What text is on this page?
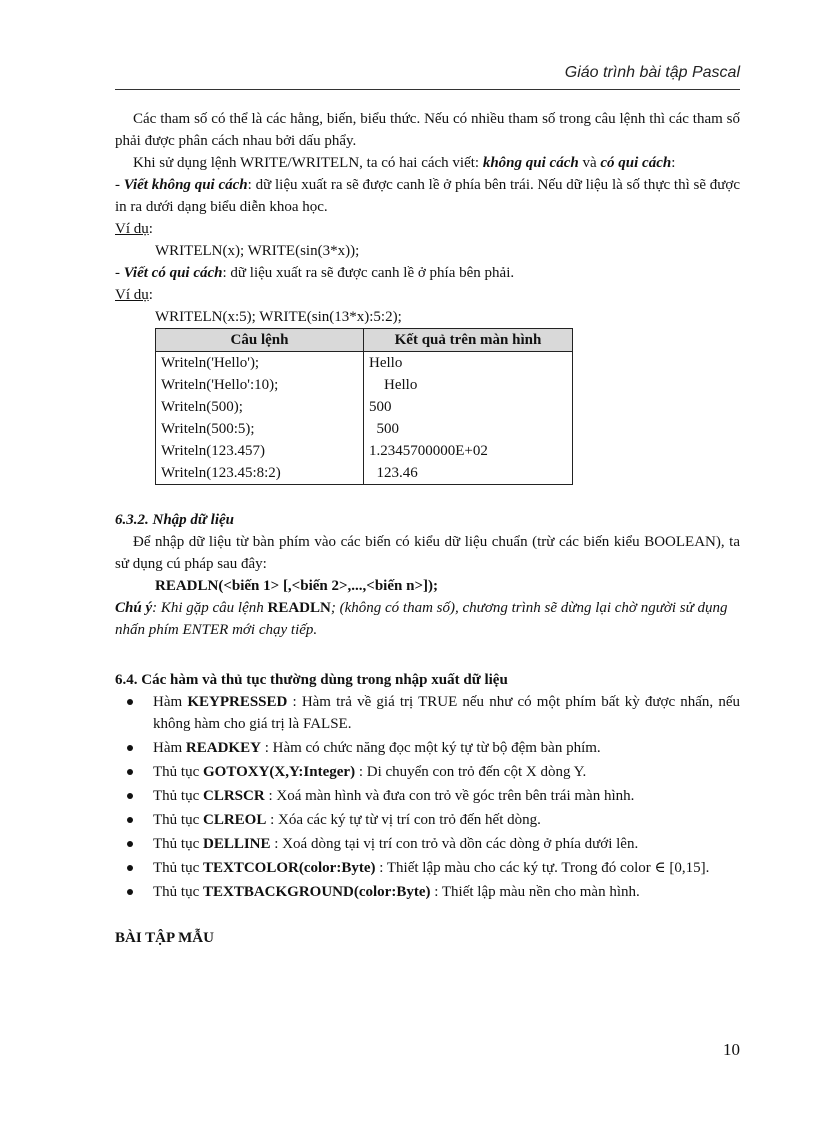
Giáo trình bài tập Pascal

Các tham số có thể là các hằng, biến, biểu thức. Nếu có nhiều tham số trong câu lệnh thì các tham số phải được phân cách nhau bởi dấu phẩy.

Khi sử dụng lệnh WRITE/WRITELN, ta có hai cách viết: không qui cách và có qui cách:

- Viết không qui cách: dữ liệu xuất ra sẽ được canh lề ở phía bên trái. Nếu dữ liệu là số thực thì sẽ được in ra dưới dạng biểu diễn khoa học.

Ví dụ:

WRITELN(x); WRITE(sin(3*x));

- Viết có qui cách: dữ liệu xuất ra sẽ được canh lề ở phía bên phải.

Ví dụ:

WRITELN(x:5); WRITE(sin(13*x):5:2);

Câu lệnh	Kết quả trên màn hình
Writeln('Hello');	Hello
Writeln('Hello':10);	Hello
Writeln(500);	500
Writeln(500:5);	500
Writeln(123.457)	1.2345700000E+02
Writeln(123.45:8:2)	123.46

6.3.2. Nhập dữ liệu

Để nhập dữ liệu từ bàn phím vào các biến có kiểu dữ liệu chuẩn (trừ các biến kiểu BOOLEAN), ta sử dụng cú pháp sau đây:

READLN(<biến 1> [,<biến 2>,...,<biến n>]);

Chú ý: Khi gặp câu lệnh READLN; (không có tham số), chương trình sẽ dừng lại chờ người sử dụng nhấn phím ENTER mới chạy tiếp.

6.4. Các hàm và thủ tục thường dùng trong nhập xuất dữ liệu

Hàm KEYPRESSED : Hàm trả về giá trị TRUE nếu như có một phím bất kỳ được nhấn, nếu không hàm cho giá trị là FALSE.
Hàm READKEY : Hàm có chức năng đọc một ký tự từ bộ đệm bàn phím.
Thủ tục GOTOXY(X,Y:Integer) : Di chuyển con trỏ đến cột X dòng Y.
Thủ tục CLRSCR : Xoá màn hình và đưa con trỏ về góc trên bên trái màn hình.
Thủ tục CLREOL : Xóa các ký tự từ vị trí con trỏ đến hết dòng.
Thủ tục DELLINE : Xoá dòng tại vị trí con trỏ và dồn các dòng ở phía dưới lên.
Thủ tục TEXTCOLOR(color:Byte) : Thiết lập màu cho các ký tự. Trong đó color ∈ [0,15].
Thủ tục TEXTBACKGROUND(color:Byte) : Thiết lập màu nền cho màn hình.

BÀI TẬP MẪU

10
